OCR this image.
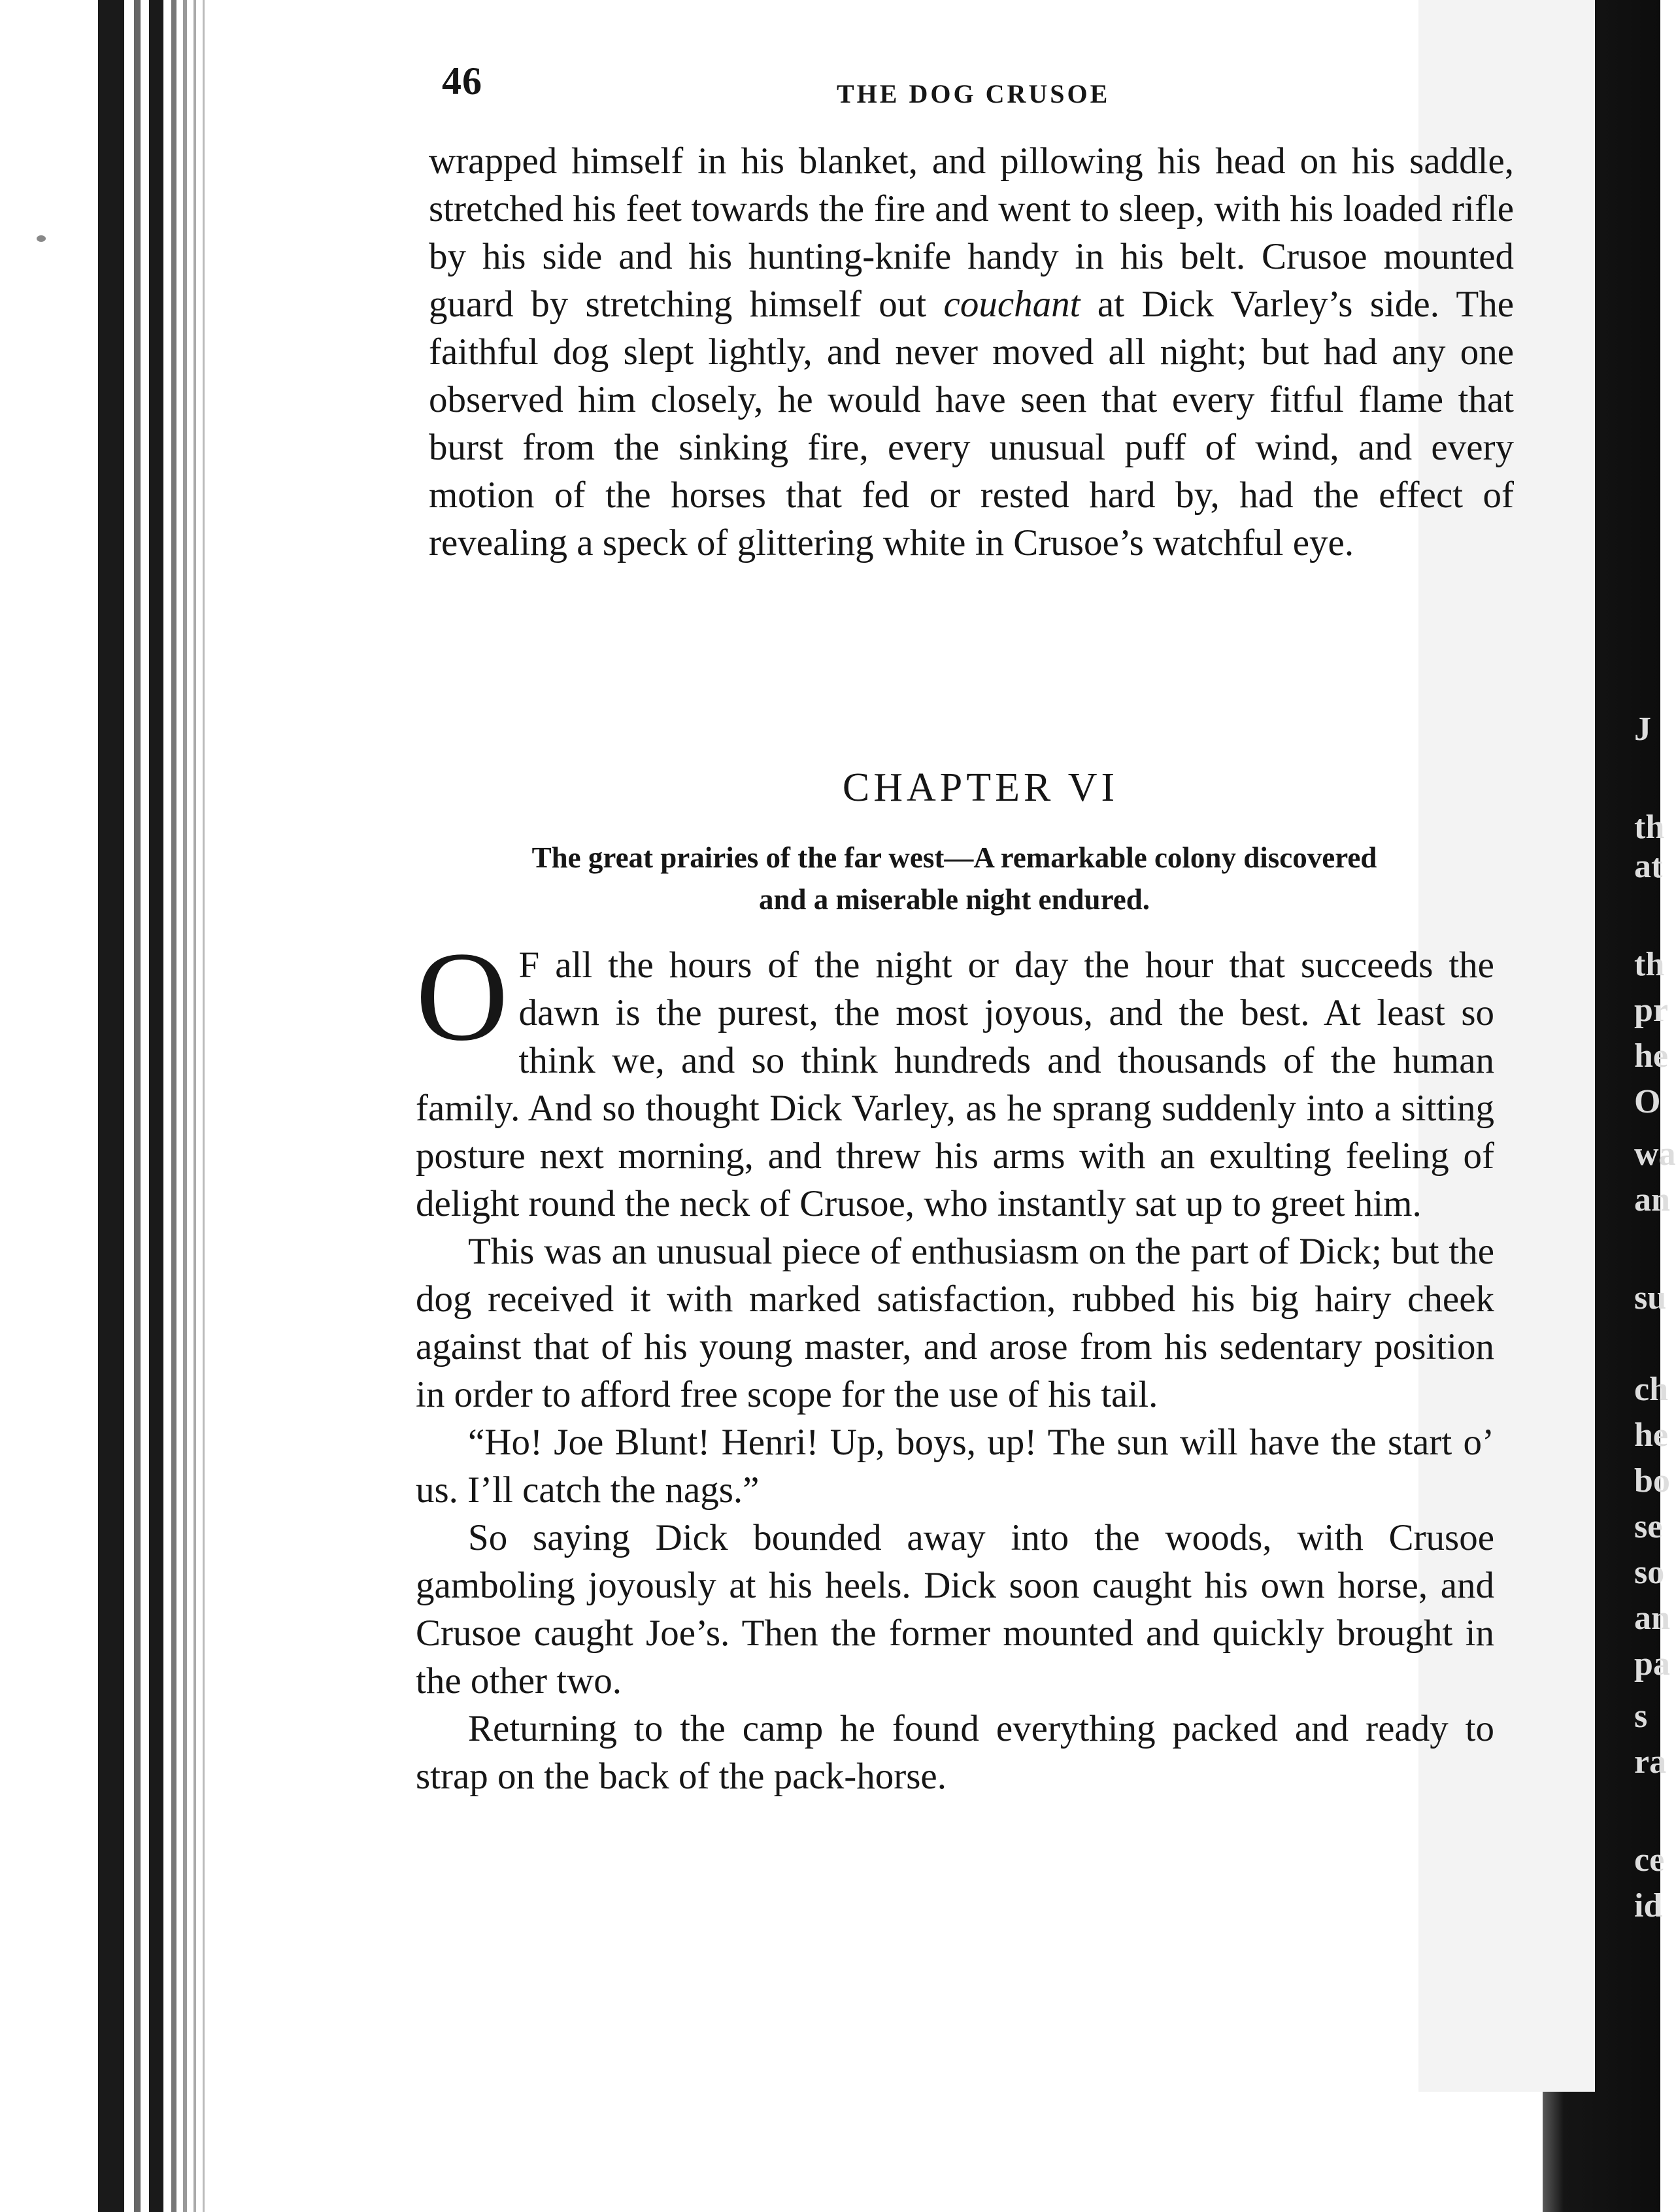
46	THE DOG CRUSOE

wrapped himself in his blanket, and pillowing his head on his saddle, stretched his feet towards the fire and went to sleep, with his loaded rifle by his side and his hunting-knife handy in his belt. Crusoe mounted guard by stretching himself out couchant at Dick Varley’s side. The faithful dog slept lightly, and never moved all night; but had any one observed him closely, he would have seen that every fitful flame that burst from the sinking fire, every unusual puff of wind, and every motion of the horses that fed or rested hard by, had the effect of revealing a speck of glittering white in Crusoe’s watchful eye.

CHAPTER VI
The great prairies of the far west—A remarkable colony discovered
and a miserable night endured.

O F all the hours of the night or day the hour that succeeds the dawn is the purest, the most joyous, and the best. At least so think we, and so think hundreds and thousands of the human family. And so thought Dick Varley, as he sprang suddenly into a sitting posture next morning, and threw his arms with an exulting feeling of delight round the neck of Crusoe, who instantly sat up to greet him.

This was an unusual piece of enthusiasm on the part of Dick; but the dog received it with marked satisfaction, rubbed his big hairy cheek against that of his young master, and arose from his sedentary position in order to afford free scope for the use of his tail.

“Ho! Joe Blunt! Henri! Up, boys, up! The sun will have the start o’ us. I’ll catch the nags.”

So saying Dick bounded away into the woods, with Crusoe gamboling joyously at his heels. Dick soon caught his own horse, and Crusoe caught Joe’s. Then the former mounted and quickly brought in the other two.

Returning to the camp he found everything packed and ready to strap on the back of the pack-horse.

J
th
at
th
pr
he
O
wa
an
su
ch
he
bo
se
so
an
pa
s
ra
ce
id
